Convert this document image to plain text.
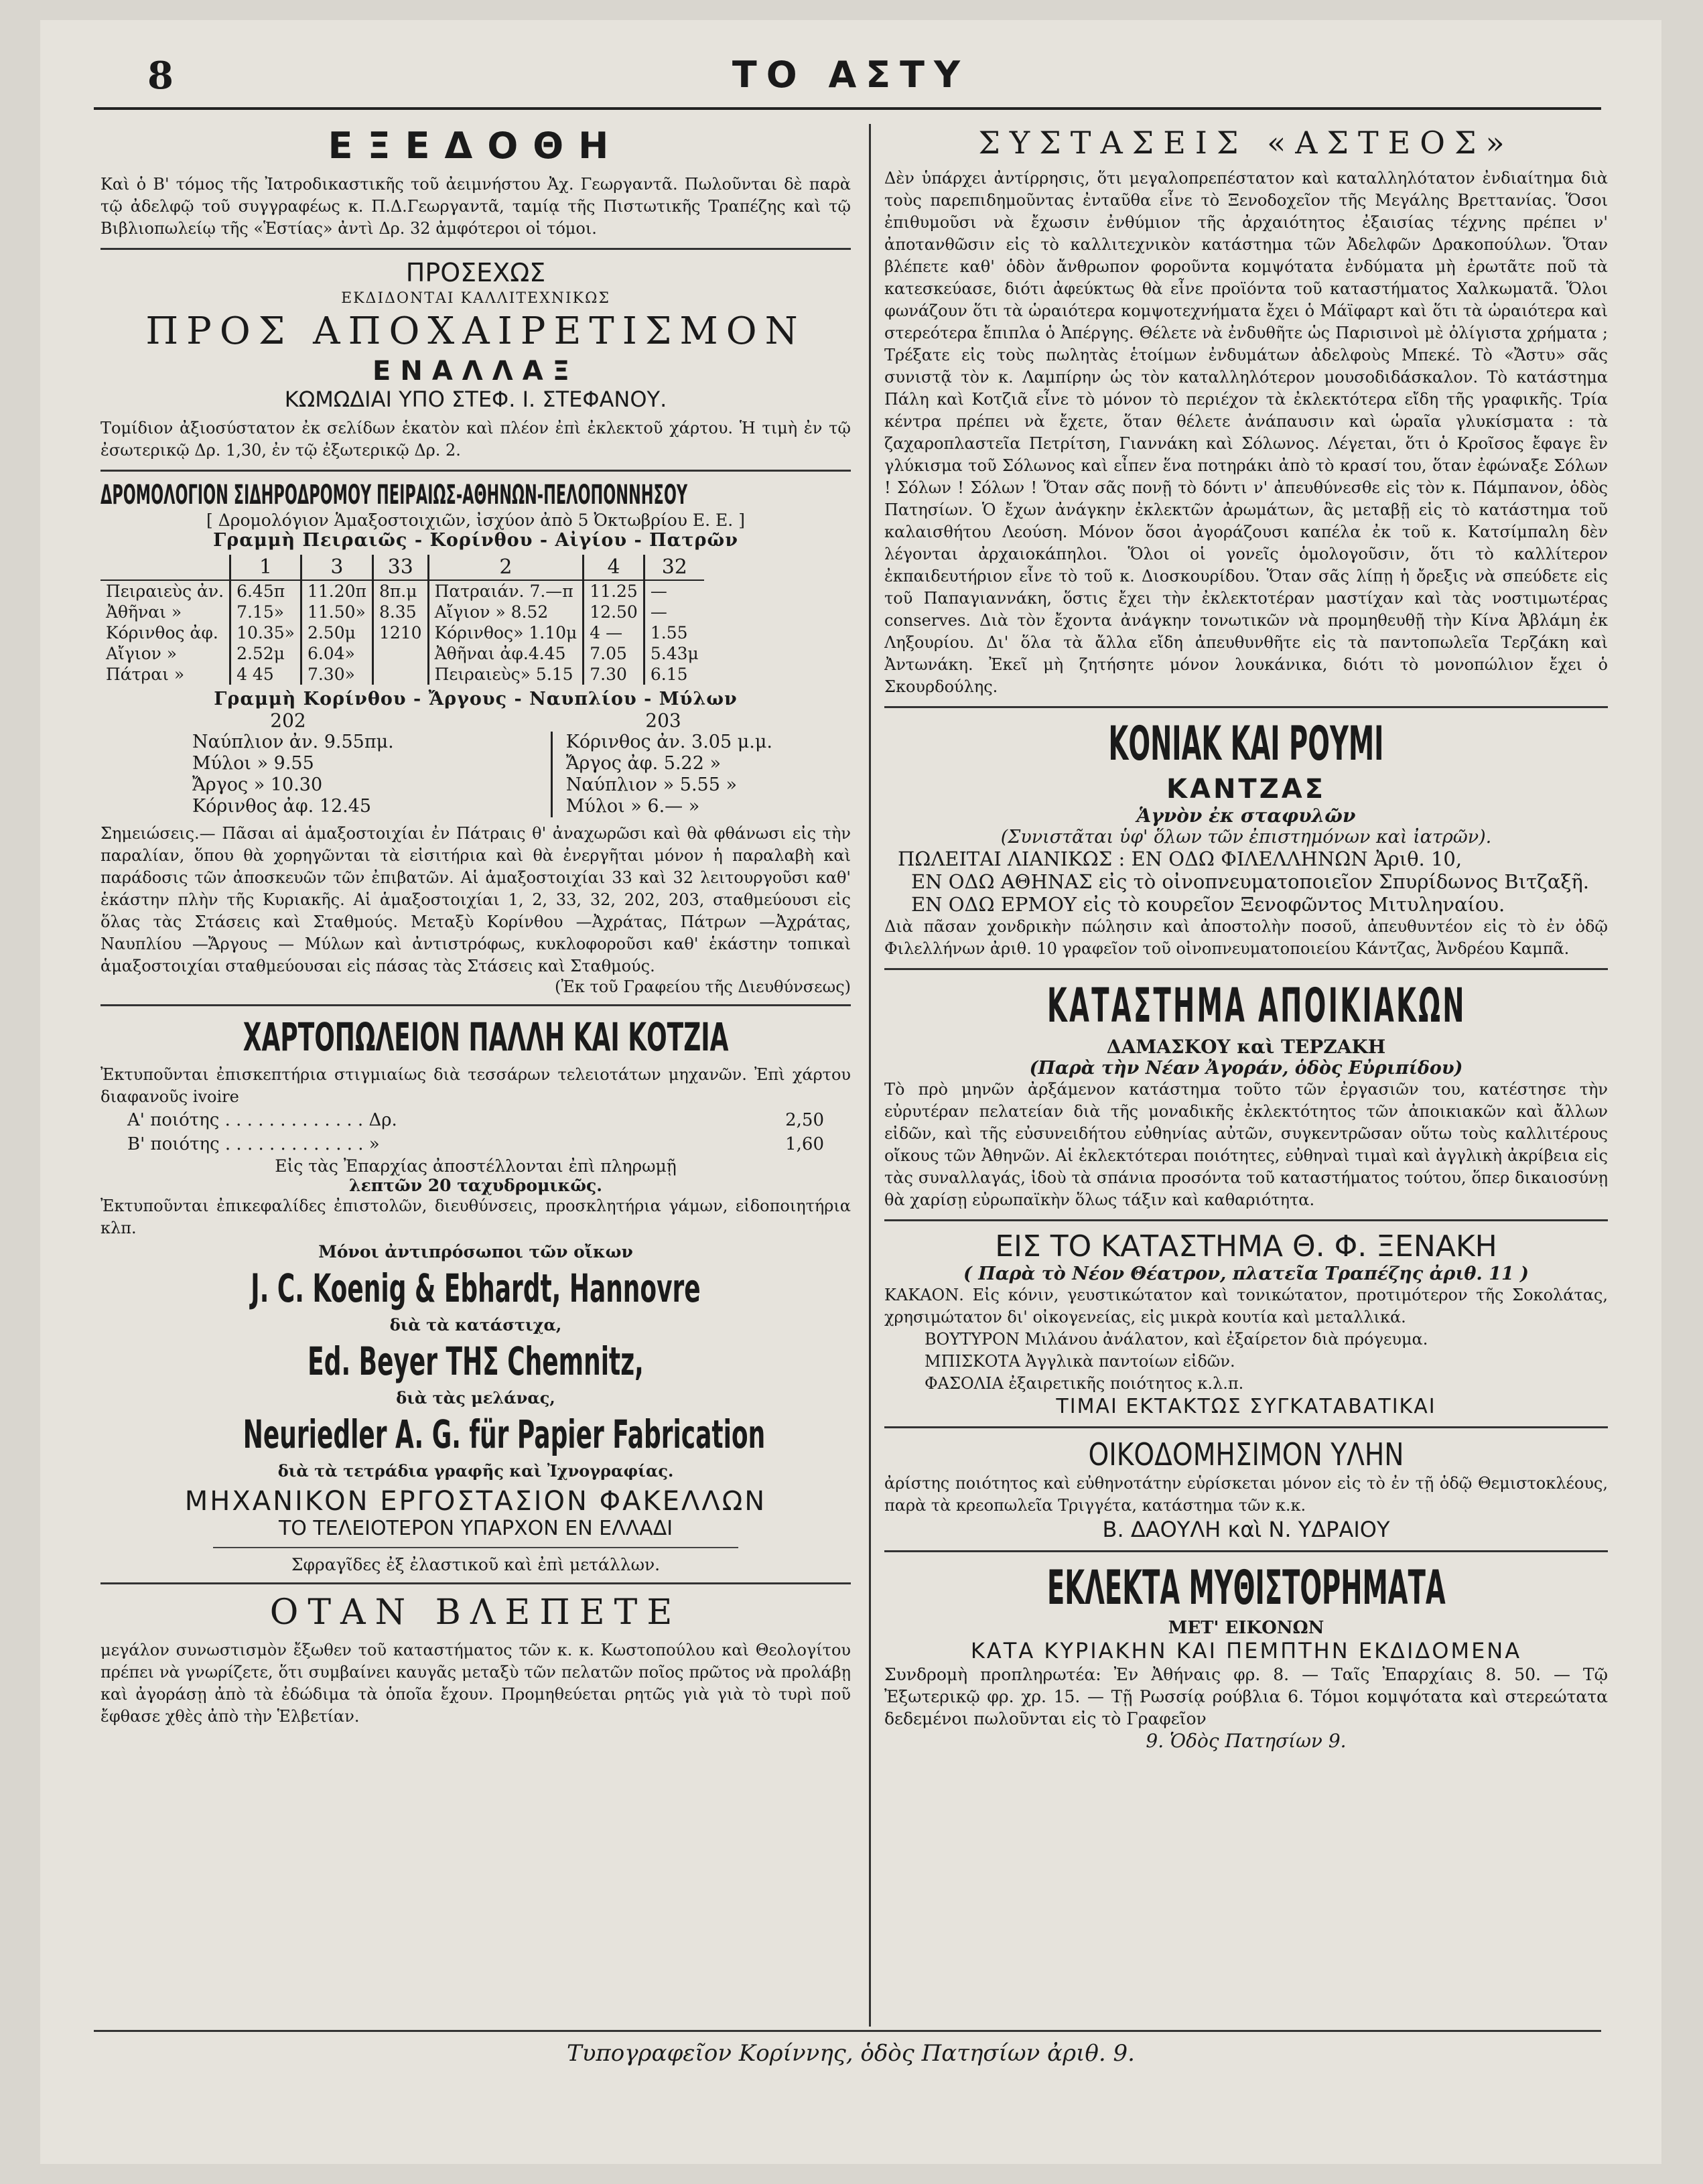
8	ΤΟ ΑΣΤΥ
ΕΞΕΔΟΘΗ
Καὶ ὁ Β' τόμος τῆς Ἰατροδικαστικῆς τοῦ ἀειμνήστου Ἀχ. Γεωργαντᾶ. Πωλοῦνται δὲ παρὰ τῷ ἀδελφῷ τοῦ συγγραφέως κ. Π.Δ.Γεωργαντᾶ, ταμίᾳ τῆς Πιστωτικῆς Τραπέζης καὶ τῷ Βιβλιοπωλείῳ τῆς «Ἑστίας» ἀντὶ Δρ. 32 ἀμφότεροι οἱ τόμοι.
ΠΡΟΣΕΧΩΣ
ΕΚΔΙΔΟΝΤΑΙ ΚΑΛΛΙΤΕΧΝΙΚΩΣ
ΠΡΟΣ ΑΠΟΧΑΙΡΕΤΙΣΜΟΝ
ΕΝΑΛΛΑΞ
ΚΩΜΩΔΙΑΙ ΥΠΟ ΣΤΕΦ. Ι. ΣΤΕΦΑΝΟΥ.
Τομίδιον ἀξιοσύστατον ἐκ σελίδων ἑκατὸν καὶ πλέον ἐπὶ ἐκλεκτοῦ χάρτου. Ἡ τιμὴ ἐν τῷ ἐσωτερικῷ Δρ. 1,30, ἐν τῷ ἐξωτερικῷ Δρ. 2.
ΔΡΟΜΟΛΟΓΙΟΝ ΣΙΔΗΡΟΔΡΟΜΟΥ ΠΕΙΡΑΙΩΣ-ΑΘΗΝΩΝ-ΠΕΛΟΠΟΝΝΗΣΟΥ
[ Δρομολόγιον Ἁμαξοστοιχιῶν, ἰσχύον ἀπὸ 5 Ὀκτωβρίου Ε. Ε. ]
Γραμμὴ Πειραιῶς - Κορίνθου - Αἰγίου - Πατρῶν
	1	3	33	2	4	32
Πειραιεὺς ἀν.	6.45π	11.20π	8π.μ	Πατραιάν. 7.—π	11.25	—
Ἀθῆναι »	7.15»	11.50»	8.35	Αἴγιον » 8.52	12.50	—
Κόρινθος ἀφ.	10.35»	2.50μ	1210	Κόρινθος» 1.10μ	4 —	1.55
Αἴγιον »	2.52μ	6.04»		Ἀθῆναι ἀφ.4.45	7.05	5.43μ
Πάτραι »	4 45	7.30»		Πειραιεὺς» 5.15	7.30	6.15
Γραμμὴ Κορίνθου - Ἄργους - Ναυπλίου - Μύλων
202	203
Ναύπλιον ἀν. 9.55πμ.
Μύλοι » 9.55
Ἄργος » 10.30
Κόρινθος ἀφ. 12.45
Κόρινθος ἀν. 3.05 μ.μ.
Ἄργος ἀφ. 5.22 »
Ναύπλιον » 5.55 »
Μύλοι » 6.— »
Σημειώσεις.— Πᾶσαι αἱ ἁμαξοστοιχίαι ἐν Πάτραις θ' ἀναχωρῶσι καὶ θὰ φθάνωσι εἰς τὴν παραλίαν, ὅπου θὰ χορηγῶνται τὰ εἰσιτήρια καὶ θὰ ἐνεργῆται μόνον ἡ παραλαβὴ καὶ παράδοσις τῶν ἀποσκευῶν τῶν ἐπιβατῶν. Αἱ ἁμαξοστοιχίαι 33 καὶ 32 λειτουργοῦσι καθ' ἑκάστην πλὴν τῆς Κυριακῆς. Αἱ ἁμαξοστοιχίαι 1, 2, 33, 32, 202, 203, σταθμεύουσι εἰς ὅλας τὰς Στάσεις καὶ Σταθμούς. Μεταξὺ Κορίνθου —Ἀχράτας, Πάτρων —Ἀχράτας, Ναυπλίου —Ἄργους — Μύλων καὶ ἀντιστρόφως, κυκλοφοροῦσι καθ' ἑκάστην τοπικαὶ ἁμαξοστοιχίαι σταθμεύουσαι εἰς πάσας τὰς Στάσεις καὶ Σταθμούς.
(Ἐκ τοῦ Γραφείου τῆς Διευθύνσεως)
ΧΑΡΤΟΠΩΛΕΙΟΝ ΠΑΛΛΗ ΚΑΙ ΚΟΤΖΙΑ
Ἐκτυποῦνται ἐπισκεπτήρια στιγμιαίως διὰ τεσσάρων τελειοτάτων μηχανῶν. Ἐπὶ χάρτου διαφανοῦς ivoire
Α' ποιότης . . . . . . . . . . . . . Δρ.	2,50
Β' ποιότης . . . . . . . . . . . . . »	1,60
Εἰς τὰς Ἐπαρχίας ἀποστέλλονται ἐπὶ πληρωμῇ
λεπτῶν 20 ταχυδρομικῶς.
Ἐκτυποῦνται ἐπικεφαλίδες ἐπιστολῶν, διευθύνσεις, προσκλητήρια γάμων, εἰδοποιητήρια κλπ.
Μόνοι ἀντιπρόσωποι τῶν οἴκων
J. C. Koenig & Ebhardt, Hannovre
διὰ τὰ κατάστιχα,
Ed. Beyer ΤΗΣ Chemnitz,
διὰ τὰς μελάνας,
Neuriedler A. G. für Papier Fabrication
διὰ τὰ τετράδια γραφῆς καὶ Ἰχνογραφίας.
ΜΗΧΑΝΙΚΟΝ ΕΡΓΟΣΤΑΣΙΟΝ ΦΑΚΕΛΛΩΝ
ΤΟ ΤΕΛΕΙΟΤΕΡΟΝ ΥΠΑΡΧΟΝ ΕΝ ΕΛΛΑΔΙ
Σφραγῖδες ἐξ ἐλαστικοῦ καὶ ἐπὶ μετάλλων.
ΟΤΑΝ ΒΛΕΠΕΤΕ
μεγάλον συνωστισμὸν ἔξωθεν τοῦ καταστήματος τῶν κ. κ. Κωστοπούλου καὶ Θεολογίτου πρέπει νὰ γνωρίζετε, ὅτι συμβαίνει καυγᾶς μεταξὺ τῶν πελατῶν ποῖος πρῶτος νὰ προλάβῃ καὶ ἀγοράσῃ ἀπὸ τὰ ἐδώδιμα τὰ ὁποῖα ἔχουν. Προμηθεύεται ρητῶς γιὰ γιὰ τὸ τυρὶ ποῦ ἔφθασε χθὲς ἀπὸ τὴν Ἑλβετίαν.
ΣΥΣΤΑΣΕΙΣ «ΑΣΤΕΟΣ»
Δὲν ὑπάρχει ἀντίρρησις, ὅτι μεγαλοπρεπέστατον καὶ καταλληλότατον ἐνδιαίτημα διὰ τοὺς παρεπιδημοῦντας ἐνταῦθα εἶνε τὸ Ξενοδοχεῖον τῆς Μεγάλης Βρεττανίας. Ὅσοι ἐπιθυμοῦσι νὰ ἔχωσιν ἐνθύμιον τῆς ἀρχαιότητος ἐξαισίας τέχνης πρέπει ν' ἀποτανθῶσιν εἰς τὸ καλλιτεχνικὸν κατάστημα τῶν Ἀδελφῶν Δρακοπούλων. Ὅταν βλέπετε καθ' ὁδὸν ἄνθρωπον φοροῦντα κομψότατα ἐνδύματα μὴ ἐρωτᾶτε ποῦ τὰ κατεσκεύασε, διότι ἀφεύκτως θὰ εἶνε προϊόντα τοῦ καταστήματος Χαλκωματᾶ. Ὅλοι φωνάζουν ὅτι τὰ ὡραιότερα κομψοτεχνήματα ἔχει ὁ Μάϊφαρτ καὶ ὅτι τὰ ὡραιότερα καὶ στερεότερα ἔπιπλα ὁ Ἀπέργης. Θέλετε νὰ ἐνδυθῆτε ὡς Παρισινοὶ μὲ ὀλίγιστα χρήματα ; Τρέξατε εἰς τοὺς πωλητὰς ἑτοίμων ἐνδυμάτων ἀδελφοὺς Μπεκέ. Τὸ «Ἄστυ» σᾶς συνιστᾷ τὸν κ. Λαμπίρην ὡς τὸν καταλληλότερον μουσοδιδάσκαλον. Τὸ κατάστημα Πάλη καὶ Κοτζιᾶ εἶνε τὸ μόνον τὸ περιέχον τὰ ἐκλεκτότερα εἴδη τῆς γραφικῆς. Τρία κέντρα πρέπει νὰ ἔχετε, ὅταν θέλετε ἀνάπαυσιν καὶ ὡραῖα γλυκίσματα : τὰ ζαχαροπλαστεῖα Πετρίτση, Γιαννάκη καὶ Σόλωνος. Λέγεται, ὅτι ὁ Κροῖσος ἔφαγε ἓν γλύκισμα τοῦ Σόλωνος καὶ εἶπεν ἕνα ποτηράκι ἀπὸ τὸ κρασί του, ὅταν ἐφώναξε Σόλων ! Σόλων ! Σόλων ! Ὅταν σᾶς πονῇ τὸ δόντι ν' ἀπευθύνεσθε εἰς τὸν κ. Πάμπανον, ὁδὸς Πατησίων. Ὁ ἔχων ἀνάγκην ἐκλεκτῶν ἀρωμάτων, ἃς μεταβῇ εἰς τὸ κατάστημα τοῦ καλαισθήτου Λεούση. Μόνον ὅσοι ἀγοράζουσι καπέλα ἐκ τοῦ κ. Κατσίμπαλη δὲν λέγονται ἀρχαιοκάπηλοι. Ὅλοι οἱ γονεῖς ὁμολογοῦσιν, ὅτι τὸ καλλίτερον ἐκπαιδευτήριον εἶνε τὸ τοῦ κ. Διοσκουρίδου. Ὅταν σᾶς λίπῃ ἡ ὄρεξις νὰ σπεύδετε εἰς τοῦ Παπαγιαννάκη, ὅστις ἔχει τὴν ἐκλεκτοτέραν μαστίχαν καὶ τὰς νοστιμωτέρας conserves. Διὰ τὸν ἔχοντα ἀνάγκην τονωτικῶν νὰ προμηθευθῇ τὴν Κίνα Ἀβλάμη ἐκ Ληξουρίου. Δι' ὅλα τὰ ἄλλα εἴδη ἀπευθυνθῆτε εἰς τὰ παντοπωλεῖα Τερζάκη καὶ Ἀντωνάκη. Ἐκεῖ μὴ ζητήσητε μόνον λουκάνικα, διότι τὸ μονοπώλιον ἔχει ὁ Σκουρδούλης.
ΚΟΝΙΑΚ ΚΑΙ ΡΟΥΜΙ
ΚΑΝΤΖΑΣ
Ἁγνὸν ἐκ σταφυλῶν
(Συνιστᾶται ὑφ' ὅλων τῶν ἐπιστημόνων καὶ ἰατρῶν).
ΠΩΛΕΙΤΑΙ ΛΙΑΝΙΚΩΣ : ΕΝ ΟΔΩ ΦΙΛΕΛΛΗΝΩΝ Ἀριθ. 10,
ΕΝ ΟΔΩ ΑΘΗΝΑΣ εἰς τὸ οἰνοπνευματοποιεῖον Σπυρίδωνος Βιτζαξῆ.
ΕΝ ΟΔΩ ΕΡΜΟΥ εἰς τὸ κουρεῖον Ξενοφῶντος Μιτυληναίου.
Διὰ πᾶσαν χονδρικὴν πώλησιν καὶ ἀποστολὴν ποσοῦ, ἀπευθυντέον εἰς τὸ ἐν ὁδῷ Φιλελλήνων ἀριθ. 10 γραφεῖον τοῦ οἰνοπνευματοποιείου Κάντζας, Ἀνδρέου Καμπᾶ.
ΚΑΤΑΣΤΗΜΑ ΑΠΟΙΚΙΑΚΩΝ
ΔΑΜΑΣΚΟΥ καὶ ΤΕΡΖΑΚΗ
(Παρὰ τὴν Νέαν Ἀγοράν, ὁδὸς Εὐριπίδου)
Τὸ πρὸ μηνῶν ἀρξάμενον κατάστημα τοῦτο τῶν ἐργασιῶν του, κατέστησε τὴν εὐρυτέραν πελατείαν διὰ τῆς μοναδικῆς ἐκλεκτότητος τῶν ἀποικιακῶν καὶ ἄλλων εἰδῶν, καὶ τῆς εὐσυνειδήτου εὐθηνίας αὐτῶν, συγκεντρῶσαν οὕτω τοὺς καλλιτέρους οἴκους τῶν Ἀθηνῶν. Αἱ ἐκλεκτότεραι ποιότητες, εὐθηναὶ τιμαὶ καὶ ἀγγλικὴ ἀκρίβεια εἰς τὰς συναλλαγάς, ἰδοὺ τὰ σπάνια προσόντα τοῦ καταστήματος τούτου, ὅπερ δικαιοσύνῃ θὰ χαρίσῃ εὐρωπαϊκὴν ὅλως τάξιν καὶ καθαριότητα.
ΕΙΣ ΤΟ ΚΑΤΑΣΤΗΜΑ Θ. Φ. ΞΕΝΑΚΗ
( Παρὰ τὸ Νέον Θέατρον, πλατεῖα Τραπέζης ἀριθ. 11 )
ΚΑΚΑΟΝ. Εἰς κόνιν, γευστικώτατον καὶ τονικώτατον, προτιμότερον τῆς Σοκολάτας, χρησιμώτατον δι' οἰκογενείας, εἰς μικρὰ κουτία καὶ μεταλλικά.
ΒΟΥΤΥΡΟΝ Μιλάνου ἀνάλατον, καὶ ἐξαίρετον διὰ πρόγευμα.
ΜΠΙΣΚΟΤΑ Ἀγγλικὰ παντοίων εἰδῶν.
ΦΑΣΟΛΙΑ ἐξαιρετικῆς ποιότητος κ.λ.π.
ΤΙΜΑΙ ΕΚΤΑΚΤΩΣ ΣΥΓΚΑΤΑΒΑΤΙΚΑΙ
ΟΙΚΟΔΟΜΗΣΙΜΟΝ ΥΛΗΝ
ἀρίστης ποιότητος καὶ εὐθηνοτάτην εὑρίσκεται μόνον εἰς τὸ ἐν τῇ ὁδῷ Θεμιστοκλέους, παρὰ τὰ κρεοπωλεῖα Τριγγέτα, κατάστημα τῶν κ.κ.
Β. ΔΑΟΥΛΗ καὶ Ν. ΥΔΡΑΙΟΥ
ΕΚΛΕΚΤΑ ΜΥΘΙΣΤΟΡΗΜΑΤΑ
ΜΕΤ' ΕΙΚΟΝΩΝ
ΚΑΤΑ ΚΥΡΙΑΚΗΝ ΚΑΙ ΠΕΜΠΤΗΝ ΕΚΔΙΔΟΜΕΝΑ
Συνδρομὴ προπληρωτέα: Ἐν Ἀθήναις φρ. 8. — Ταῖς Ἐπαρχίαις 8. 50. — Τῷ Ἐξωτερικῷ φρ. χρ. 15. — Τῇ Ρωσσίᾳ ρούβλια 6. Τόμοι κομψότατα καὶ στερεώτατα δεδεμένοι πωλοῦνται εἰς τὸ Γραφεῖον
9. Ὁδὸς Πατησίων 9.
Τυπογραφεῖον Κορίννης, ὁδὸς Πατησίων ἀριθ. 9.
